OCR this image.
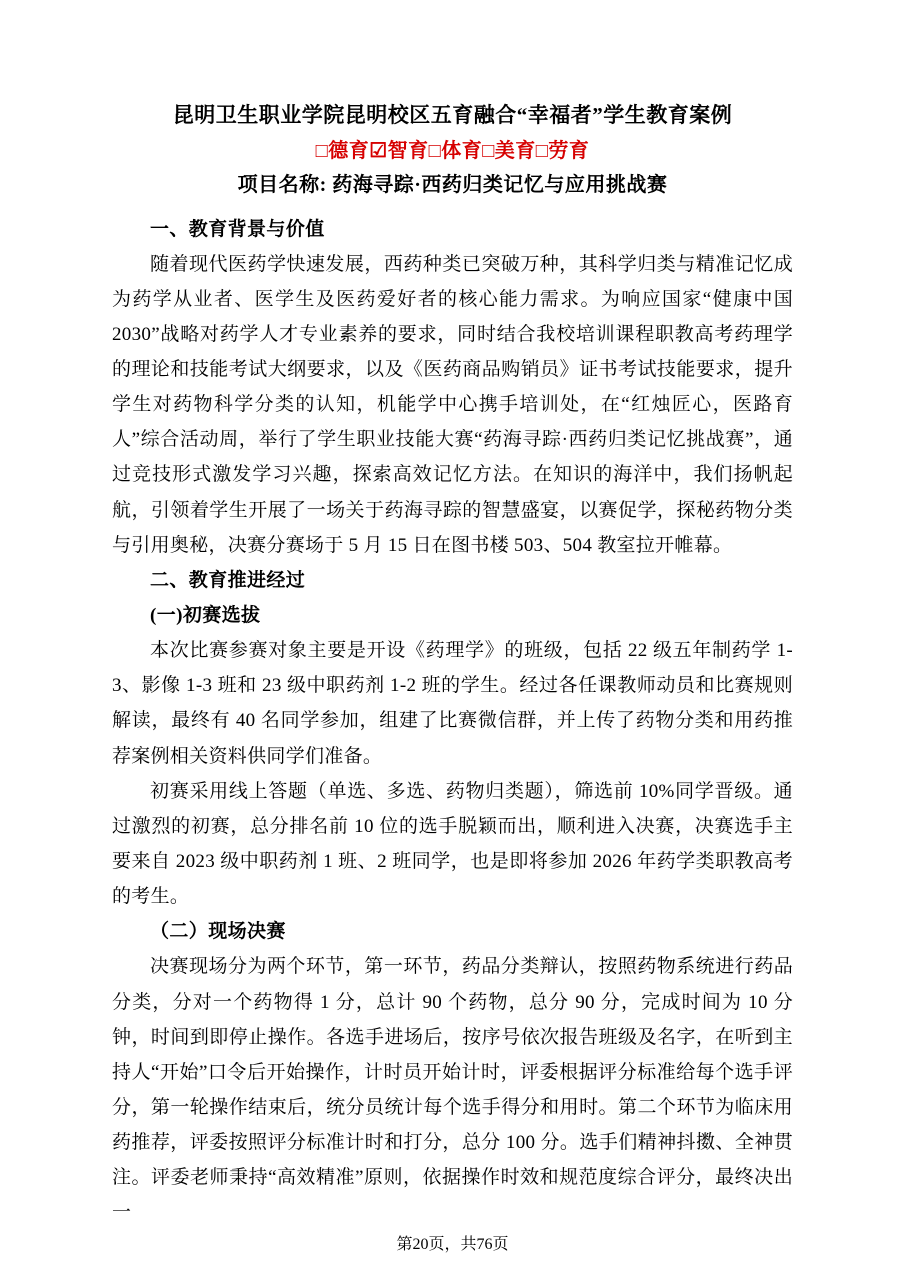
昆明卫生职业学院昆明校区五育融合“幸福者”学生教育案例
□德育☑智育□体育□美育□劳育
项目名称: 药海寻踪·西药归类记忆与应用挑战赛
一、教育背景与价值

随着现代医药学快速发展，西药种类已突破万种，其科学归类与精准记忆成为药学从业者、医学生及医药爱好者的核心能力需求。为响应国家“健康中国2030”战略对药学人才专业素养的要求，同时结合我校培训课程职教高考药理学的理论和技能考试大纲要求，以及《医药商品购销员》证书考试技能要求，提升学生对药物科学分类的认知，机能学中心携手培训处，在“红烛匠心，医路育人”综合活动周，举行了学生职业技能大赛“药海寻踪·西药归类记忆挑战赛”，通过竞技形式激发学习兴趣，探索高效记忆方法。在知识的海洋中，我们扬帆起航，引领着学生开展了一场关于药海寻踪的智慧盛宴，以赛促学，探秘药物分类与引用奥秘，决赛分赛场于 5 月 15 日在图书楼 503、504 教室拉开帷幕。

二、教育推进经过
(一)初赛选拔

本次比赛参赛对象主要是开设《药理学》的班级，包括 22 级五年制药学 1-3、影像 1-3 班和 23 级中职药剂 1-2 班的学生。经过各任课教师动员和比赛规则解读，最终有 40 名同学参加，组建了比赛微信群，并上传了药物分类和用药推荐案例相关资料供同学们准备。

初赛采用线上答题（单选、多选、药物归类题），筛选前 10%同学晋级。通过激烈的初赛，总分排名前 10 位的选手脱颖而出，顺利进入决赛，决赛选手主要来自 2023 级中职药剂 1 班、2 班同学，也是即将参加 2026 年药学类职教高考的考生。

（二）现场决赛

决赛现场分为两个环节，第一环节，药品分类辩认，按照药物系统进行药品分类，分对一个药物得 1 分，总计 90 个药物，总分 90 分，完成时间为 10 分钟，时间到即停止操作。各选手进场后，按序号依次报告班级及名字，在听到主持人“开始”口令后开始操作，计时员开始计时，评委根据评分标准给每个选手评分，第一轮操作结束后，统分员统计每个选手得分和用时。第二个环节为临床用药推荐，评委按照评分标准计时和打分，总分 100 分。选手们精神抖擞、全神贯注。评委老师秉持“高效精准”原则，依据操作时效和规范度综合评分，最终决出一

第20页，共76页
